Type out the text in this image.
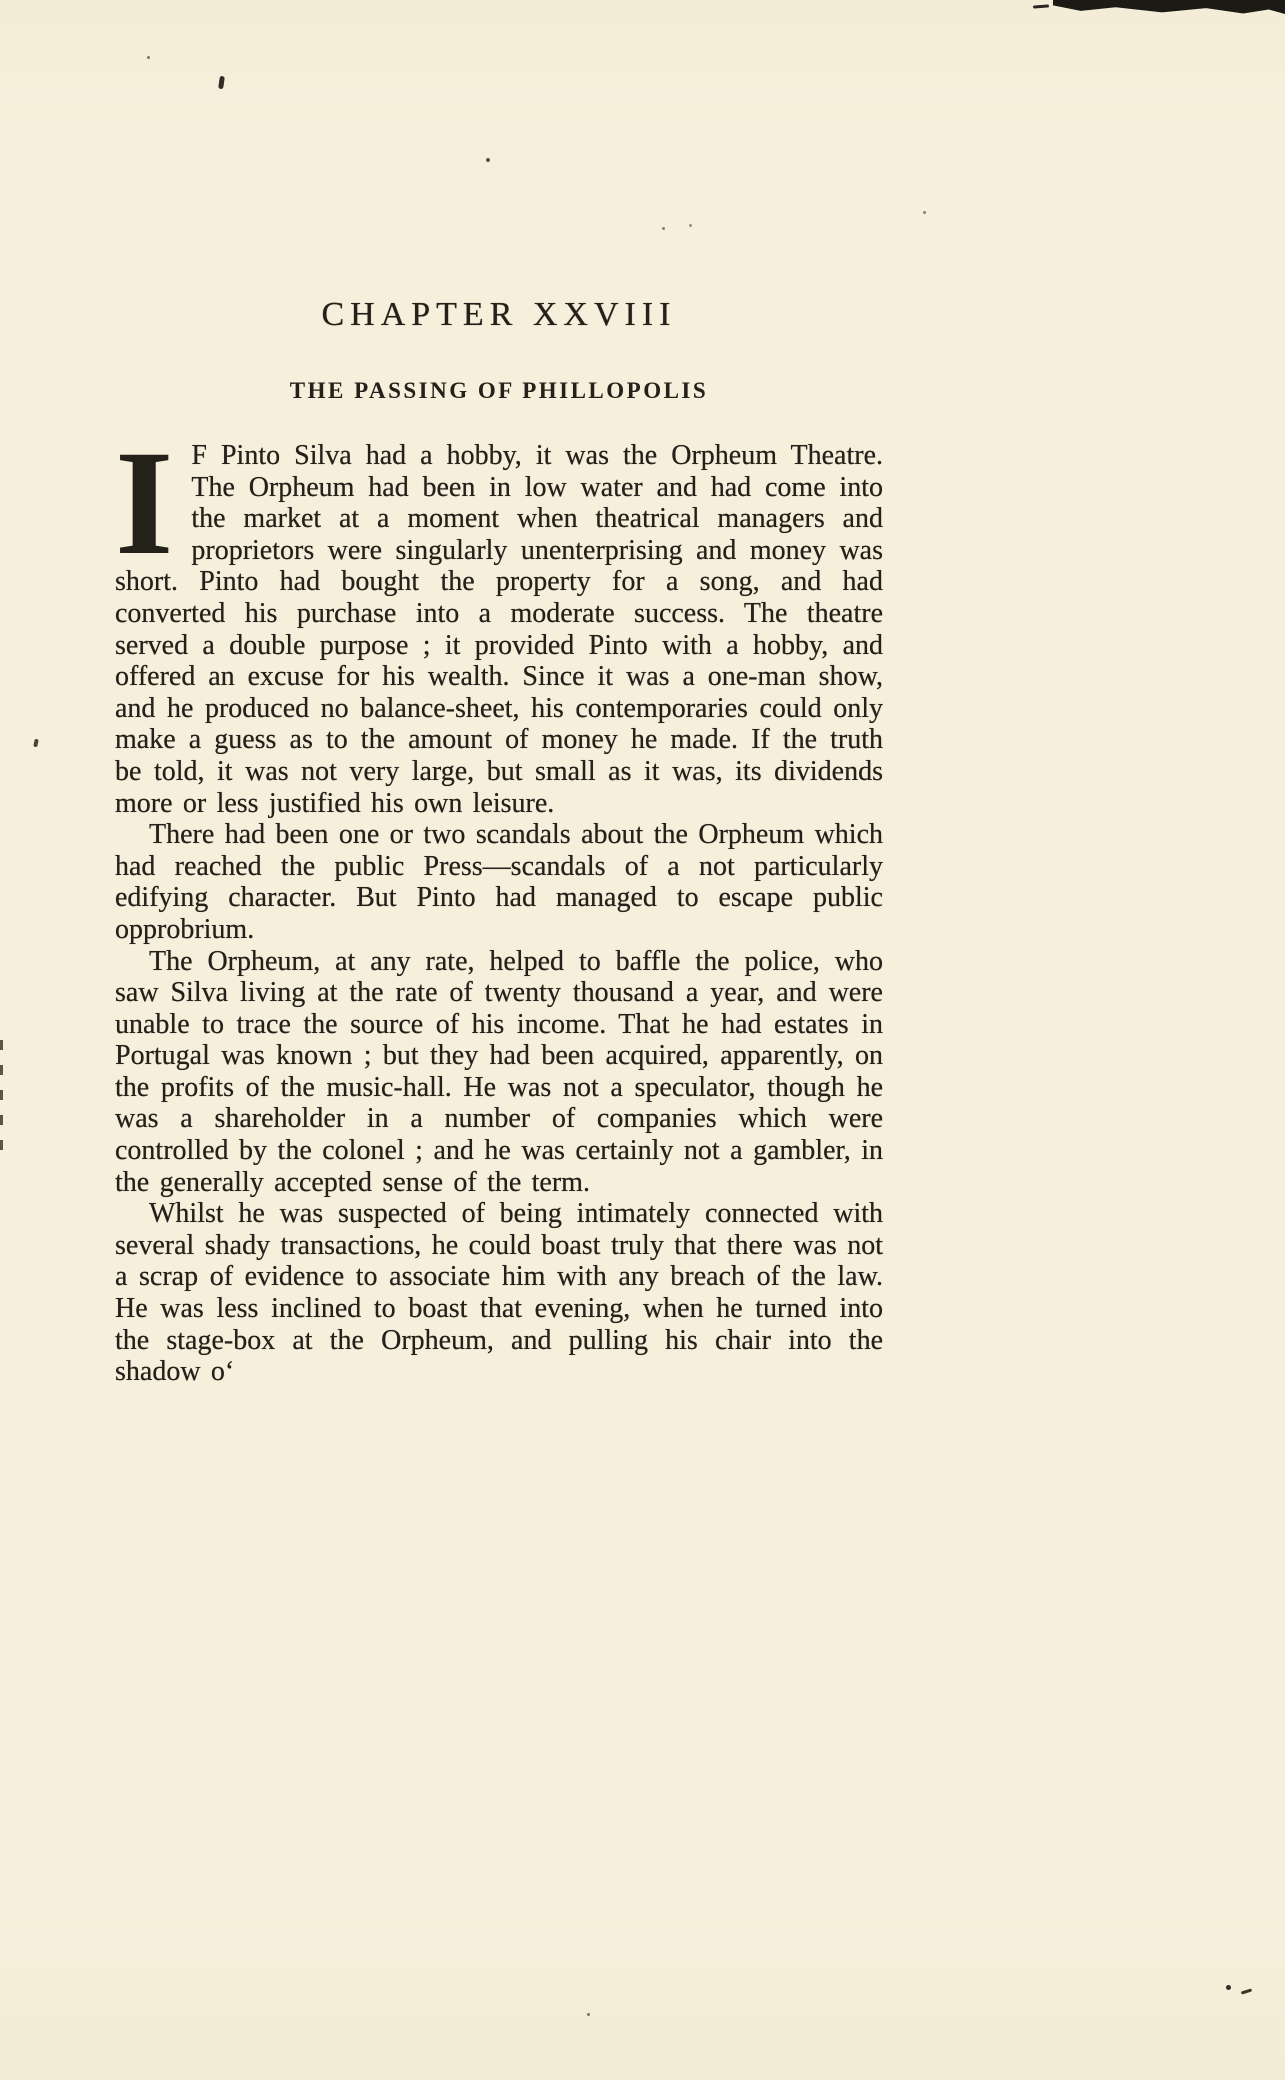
CHAPTER XXVIII
THE PASSING OF PHILLOPOLIS

I F Pinto Silva had a hobby, it was the Orpheum Theatre. The Orpheum had been in low water and had come into the market at a moment when theatrical managers and proprietors were singularly unenterprising and money was short. Pinto had bought the property for a song, and had converted his purchase into a moderate success. The theatre served a double purpose ; it provided Pinto with a hobby, and offered an excuse for his wealth. Since it was a one-man show, and he produced no balance-sheet, his contemporaries could only make a guess as to the amount of money he made. If the truth be told, it was not very large, but small as it was, its dividends more or less justified his own leisure.

There had been one or two scandals about the Orpheum which had reached the public Press—scandals of a not particularly edifying character. But Pinto had managed to escape public opprobrium.

The Orpheum, at any rate, helped to baffle the police, who saw Silva living at the rate of twenty thousand a year, and were unable to trace the source of his income. That he had estates in Portugal was known ; but they had been acquired, apparently, on the profits of the music-hall. He was not a speculator, though he was a shareholder in a number of companies which were controlled by the colonel ; and he was certainly not a gambler, in the generally accepted sense of the term.

Whilst he was suspected of being intimately connected with several shady transactions, he could boast truly that there was not a scrap of evidence to associate him with any breach of the law. He was less inclined to boast that evening, when he turned into the stage-box at the Orpheum, and pulling his chair into the shadow o‘
